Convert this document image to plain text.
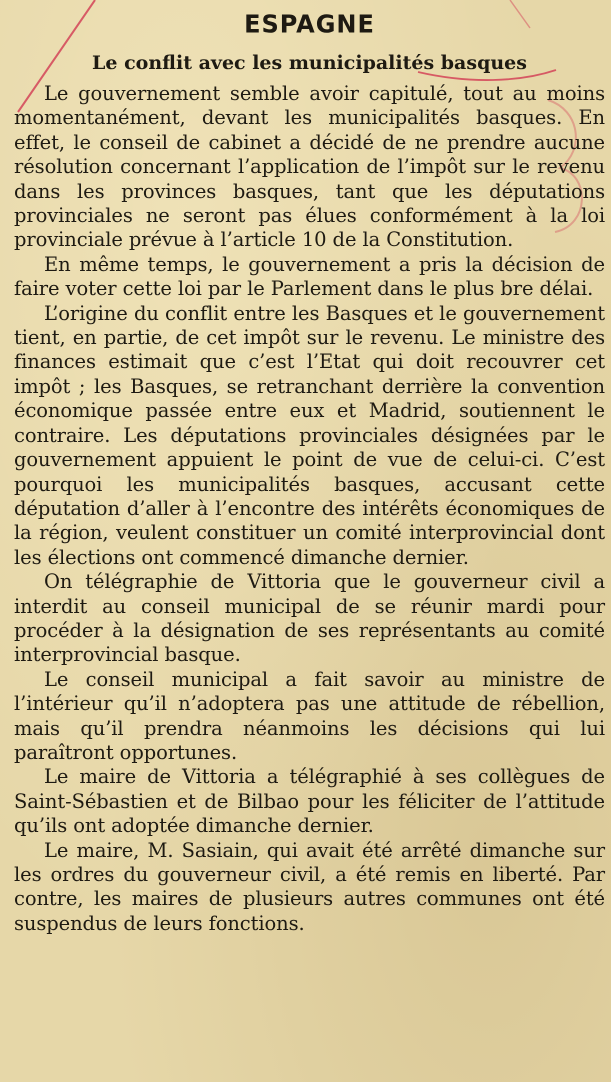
ESPAGNE
Le conflit avec les municipalités basques

Le gouvernement semble avoir capitulé, tout au moins momentanément, devant les municipalités basques. En effet, le conseil de cabinet a décidé de ne prendre aucune résolution concernant l’application de l’impôt sur le revenu dans les provinces basques, tant que les députations provinciales ne seront pas élues conformément à la loi provinciale prévue à l’article 10 de la Constitution.

En même temps, le gouvernement a pris la décision de faire voter cette loi par le Parlement dans le plus bre délai.

L’origine du conflit entre les Basques et le gouvernement tient, en partie, de cet impôt sur le revenu. Le ministre des finances estimait que c’est l’Etat qui doit recouvrer cet impôt ; les Basques, se retranchant derrière la convention économique passée entre eux et Madrid, soutiennent le contraire. Les députations provinciales désignées par le gouvernement appuient le point de vue de celui-ci. C’est pourquoi les municipalités basques, accusant cette députation d’aller à l’encontre des intérêts économiques de la région, veulent constituer un comité interprovincial dont les élections ont commencé dimanche dernier.

On télégraphie de Vittoria que le gouverneur civil a interdit au conseil municipal de se réunir mardi pour procéder à la désignation de ses représentants au comité interprovincial basque.

Le conseil municipal a fait savoir au ministre de l’intérieur qu’il n’adoptera pas une attitude de rébellion, mais qu’il prendra néanmoins les décisions qui lui paraîtront opportunes.

Le maire de Vittoria a télégraphié à ses collègues de Saint-Sébastien et de Bilbao pour les féliciter de l’attitude qu’ils ont adoptée dimanche dernier.

Le maire, M. Sasiain, qui avait été arrêté dimanche sur les ordres du gouverneur civil, a été remis en liberté. Par contre, les maires de plusieurs autres communes ont été suspendus de leurs fonctions.
